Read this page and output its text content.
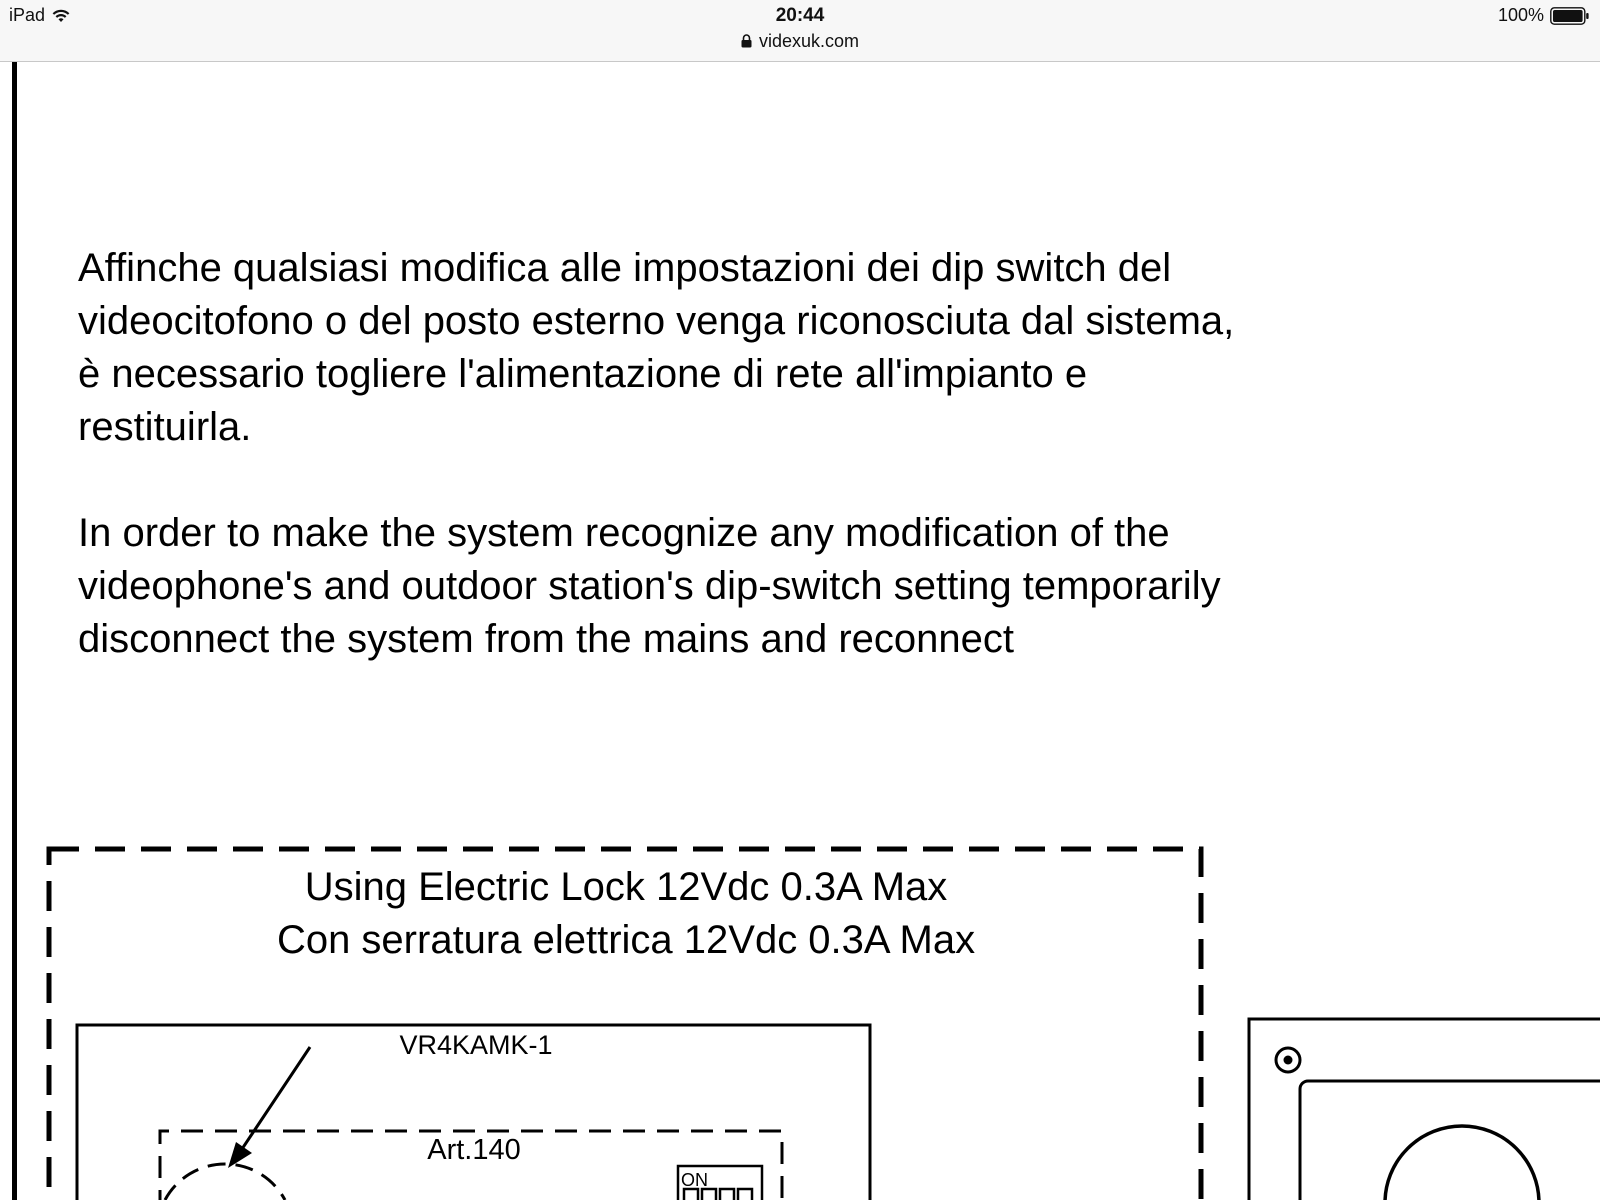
iPad	20:44
videxuk.com
100%

Affinche qualsiasi modifica alle impostazioni dei dip switch del
videocitofono o del posto esterno venga riconosciuta dal sistema,
è necessario togliere l'alimentazione di rete all'impianto e
restituirla.

In order to make the system recognize any modification of the
videophone's and outdoor station's dip-switch setting temporarily
disconnect the system from the mains and reconnect

Using Electric Lock 12Vdc 0.3A Max
Con serratura elettrica 12Vdc 0.3A Max
VR4KAMK-1
Art.140
ON
